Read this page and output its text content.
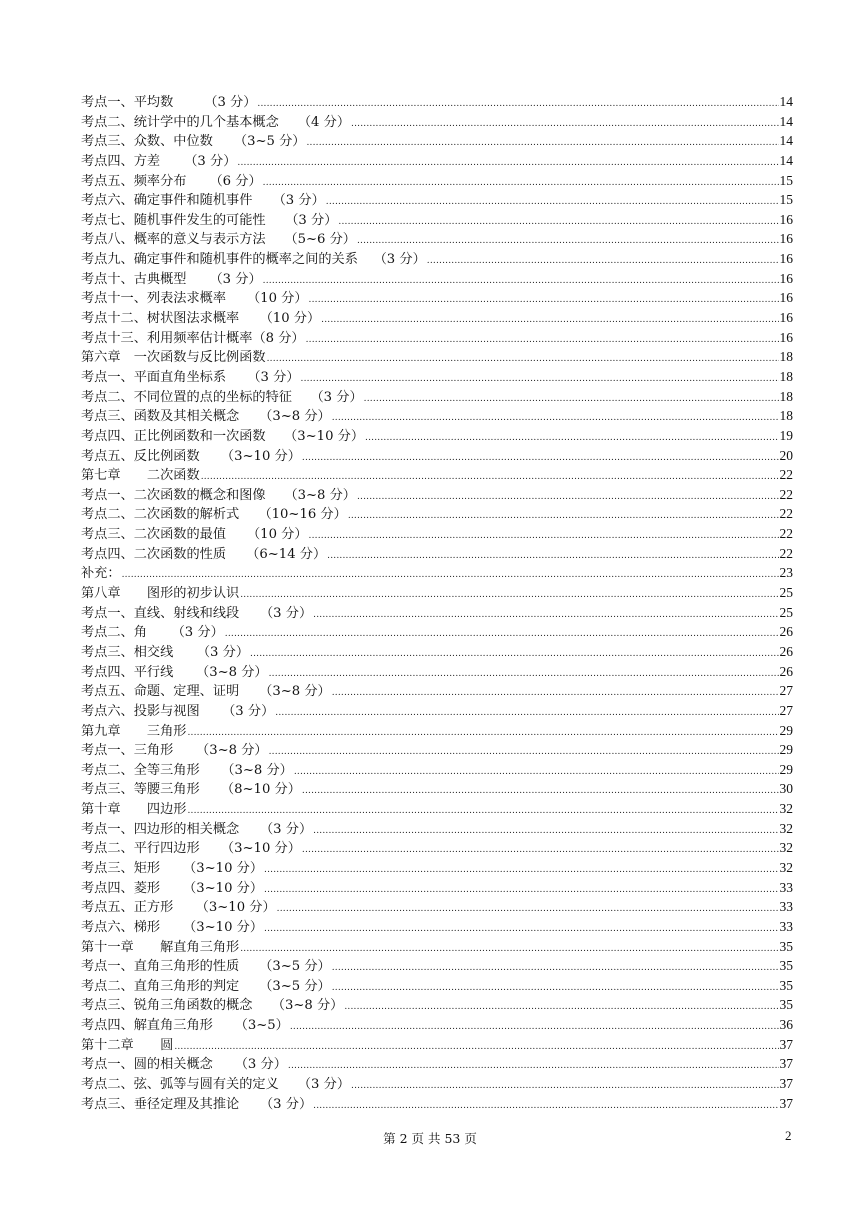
考点一、平均数 （3 分） .....	14
考点二、统计学中的几个基本概念 （4 分） .....	14
考点三、众数、中位数 （3~5 分） .....	14
考点四、方差 （3 分） .....	14
考点五、频率分布 （6 分） .....	15
考点六、确定事件和随机事件 （3 分） .....	15
考点七、随机事件发生的可能性 （3 分） .....	16
考点八、概率的意义与表示方法 （5~6 分） .....	16
考点九、确定事件和随机事件的概率之间的关系 （3 分） .....	16
考点十、古典概型 （3 分） .....	16
考点十一、列表法求概率 （10 分） .....	16
考点十二、树状图法求概率 （10 分） .....	16
考点十三、利用频率估计概率 （8 分） .....	16
第六章　一次函数与反比例函数 .....	18
考点一、平面直角坐标系 （3 分） .....	18
考点二、不同位置的点的坐标的特征 （3 分） .....	18
考点三、函数及其相关概念 （3~8 分） .....	18
考点四、正比例函数和一次函数 （3~10 分） .....	19
考点五、反比例函数 （3~10 分） .....	20
第七章　　二次函数 .....	22
考点一、二次函数的概念和图像 （3~8 分） .....	22
考点二、二次函数的解析式 （10~16 分） .....	22
考点三、二次函数的最值 （10 分） .....	22
考点四、二次函数的性质 （6~14 分） .....	22
补充： .....	23
第八章　　图形的初步认识 .....	25
考点一、直线、射线和线段 （3 分） .....	25
考点二、角 （3 分） .....	26
考点三、相交线 （3 分） .....	26
考点四、平行线 （3~8 分） .....	26
考点五、命题、定理、证明 （3~8 分） .....	27
考点六、投影与视图 （3 分） .....	27
第九章　　三角形 .....	29
考点一、三角形 （3~8 分） .....	29
考点二、全等三角形 （3~8 分） .....	29
考点三、等腰三角形 （8~10 分） .....	30
第十章　　四边形 .....	32
考点一、四边形的相关概念 （3 分） .....	32
考点二、平行四边形 （3~10 分） .....	32
考点三、矩形 （3~10 分） .....	32
考点四、菱形 （3~10 分） .....	33
考点五、正方形 （3~10 分） .....	33
考点六、梯形 （3~10 分） .....	33
第十一章　　解直角三角形 .....	35
考点一、直角三角形的性质 （3~5 分） .....	35
考点二、直角三角形的判定 （3~5 分） .....	35
考点三、锐角三角函数的概念 （3~8 分） .....	35
考点四、解直角三角形 （3~5） .....	36
第十二章　　圆 .....	37
考点一、圆的相关概念 （3 分） .....	37
考点二、弦、弧等与圆有关的定义 （3 分） .....	37
考点三、垂径定理及其推论 （3 分） .....	37
第 2 页 共 53 页	2
